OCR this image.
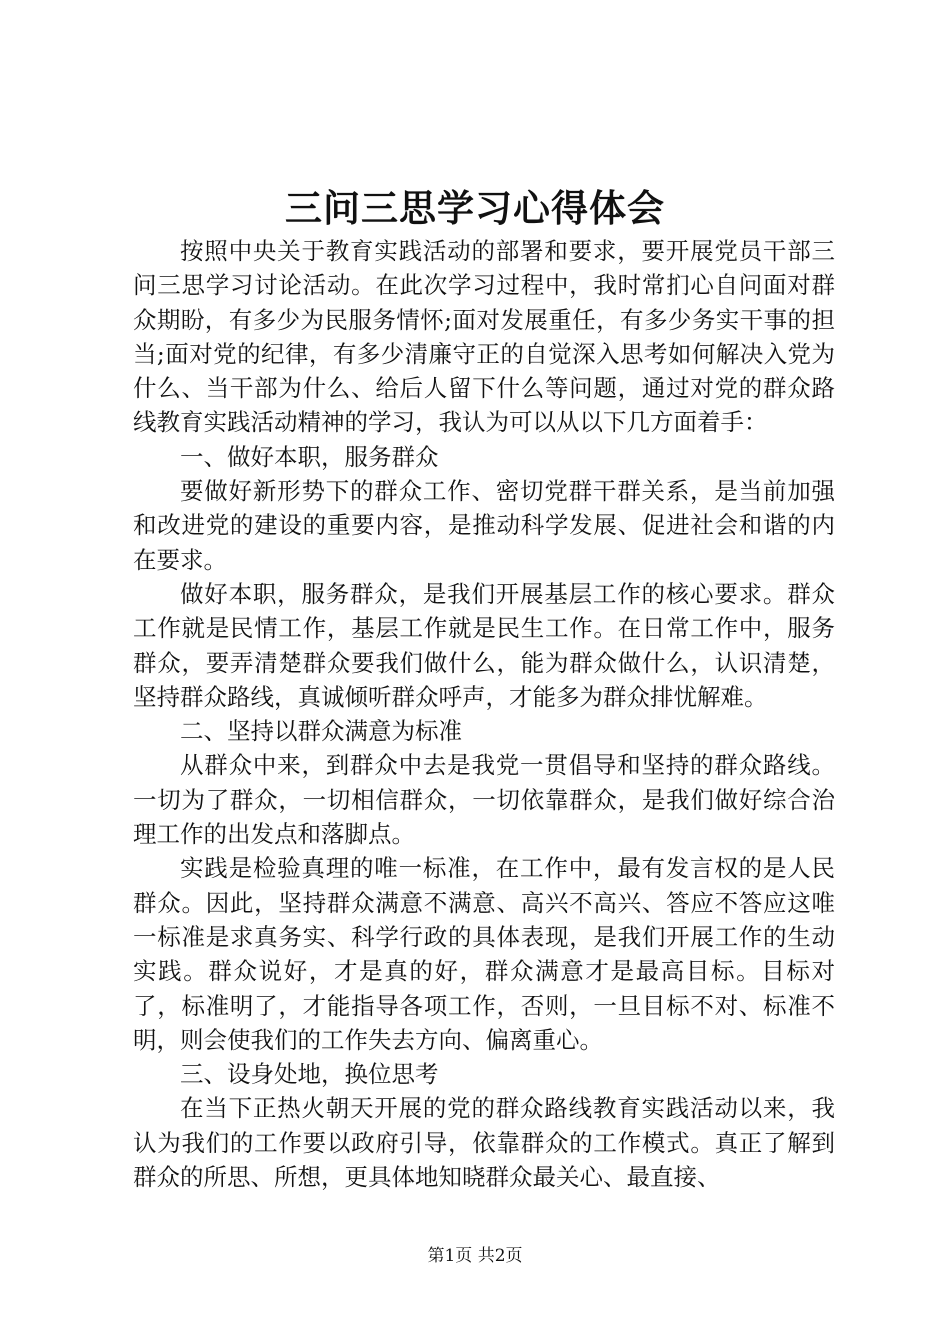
三问三思学习心得体会

按照中央关于教育实践活动的部署和要求，要开展党员干部三问三思学习讨论活动。在此次学习过程中，我时常扪心自问面对群众期盼，有多少为民服务情怀;面对发展重任，有多少务实干事的担当;面对党的纪律，有多少清廉守正的自觉深入思考如何解决入党为什么、当干部为什么、给后人留下什么等问题，通过对党的群众路线教育实践活动精神的学习，我认为可以从以下几方面着手：

一、做好本职，服务群众

要做好新形势下的群众工作、密切党群干群关系，是当前加强和改进党的建设的重要内容，是推动科学发展、促进社会和谐的内在要求。

做好本职，服务群众，是我们开展基层工作的核心要求。群众工作就是民情工作，基层工作就是民生工作。在日常工作中，服务群众，要弄清楚群众要我们做什么，能为群众做什么，认识清楚，坚持群众路线，真诚倾听群众呼声，才能多为群众排忧解难。

二、坚持以群众满意为标准

从群众中来，到群众中去是我党一贯倡导和坚持的群众路线。一切为了群众，一切相信群众，一切依靠群众，是我们做好综合治理工作的出发点和落脚点。

实践是检验真理的唯一标准，在工作中，最有发言权的是人民群众。因此，坚持群众满意不满意、高兴不高兴、答应不答应这唯一标准是求真务实、科学行政的具体表现，是我们开展工作的生动实践。群众说好，才是真的好，群众满意才是最高目标。目标对了，标准明了，才能指导各项工作，否则，一旦目标不对、标准不明，则会使我们的工作失去方向、偏离重心。

三、设身处地，换位思考

在当下正热火朝天开展的党的群众路线教育实践活动以来，我认为我们的工作要以政府引导，依靠群众的工作模式。真正了解到群众的所思、所想，更具体地知晓群众最关心、最直接、

第1页 共2页
